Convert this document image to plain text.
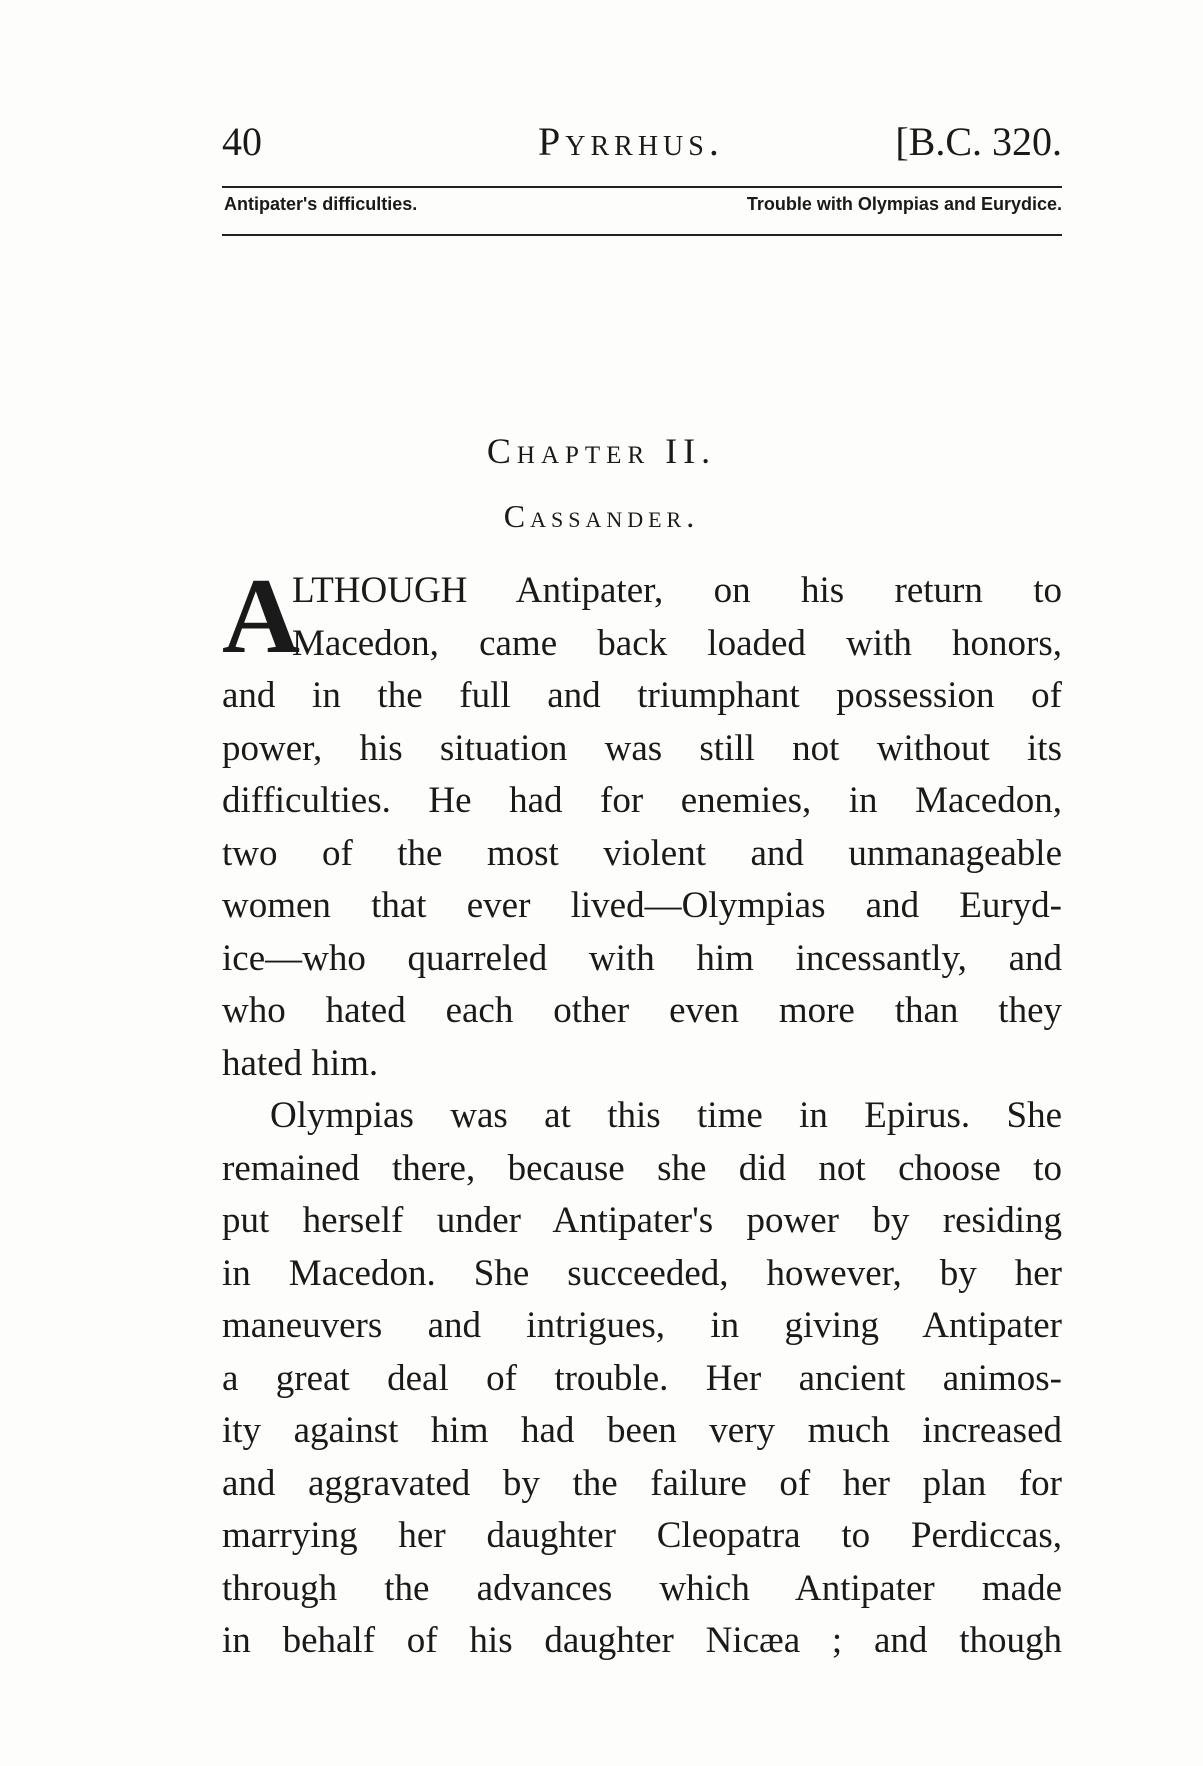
40	Pyrrhus.	[B.C. 320.
Antipater's difficulties.	Trouble with Olympias and Eurydice.
Chapter II.
Cassander.
A
LTHOUGH Antipater, on his return to
Macedon, came back loaded with honors,
and in the full and triumphant possession of
power, his situation was still not without its
difficulties. He had for enemies, in Macedon,
two of the most violent and unmanageable
women that ever lived—Olympias and Euryd-
ice—who quarreled with him incessantly, and
who hated each other even more than they
hated him.
Olympias was at this time in Epirus. She
remained there, because she did not choose to
put herself under Antipater's power by residing
in Macedon. She succeeded, however, by her
maneuvers and intrigues, in giving Antipater
a great deal of trouble. Her ancient animos-
ity against him had been very much increased
and aggravated by the failure of her plan for
marrying her daughter Cleopatra to Perdiccas,
through the advances which Antipater made
in behalf of his daughter Nicæa ; and though
